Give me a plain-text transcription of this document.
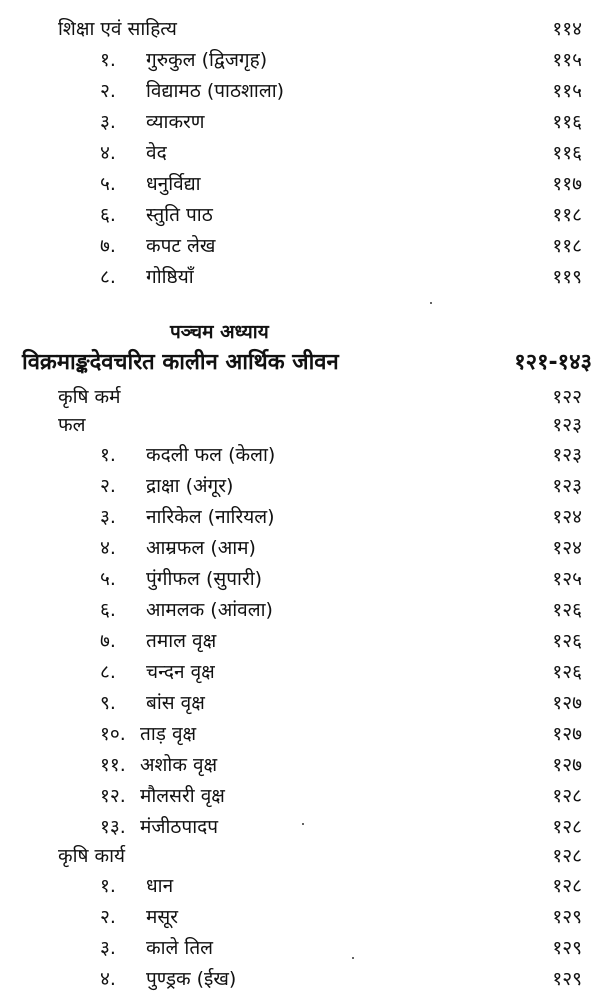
शिक्षा एवं साहित्य	११४
१. गुरुकुल (द्विजगृह)	११५
२. विद्यामठ (पाठशाला)	११५
३. व्याकरण	११६
४. वेद	११६
५. धनुर्विद्या	११७
६. स्तुति पाठ	११८
७. कपट लेख	११८
८. गोष्ठियाँ	११९
पञ्चम अध्याय
विक्रमाङ्कदेवचरित कालीन आर्थिक जीवन	१२१-१४३
कृषि कर्म	१२२
फल	१२३
१. कदली फल (केला)	१२३
२. द्राक्षा (अंगूर)	१२३
३. नारिकेल (नारियल)	१२४
४. आम्रफल (आम)	१२४
५. पुंगीफल (सुपारी)	१२५
६. आमलक (आंवला)	१२६
७. तमाल वृक्ष	१२६
८. चन्दन वृक्ष	१२६
९. बांस वृक्ष	१२७
१०. ताड़ वृक्ष	१२७
११. अशोक वृक्ष	१२७
१२. मौलसरी वृक्ष	१२८
१३. मंजीठपादप	१२८
कृषि कार्य	१२८
१. धान	१२८
२. मसूर	१२९
३. काले तिल	१२९
४. पुण्ड्रक (ईख)	१२९
